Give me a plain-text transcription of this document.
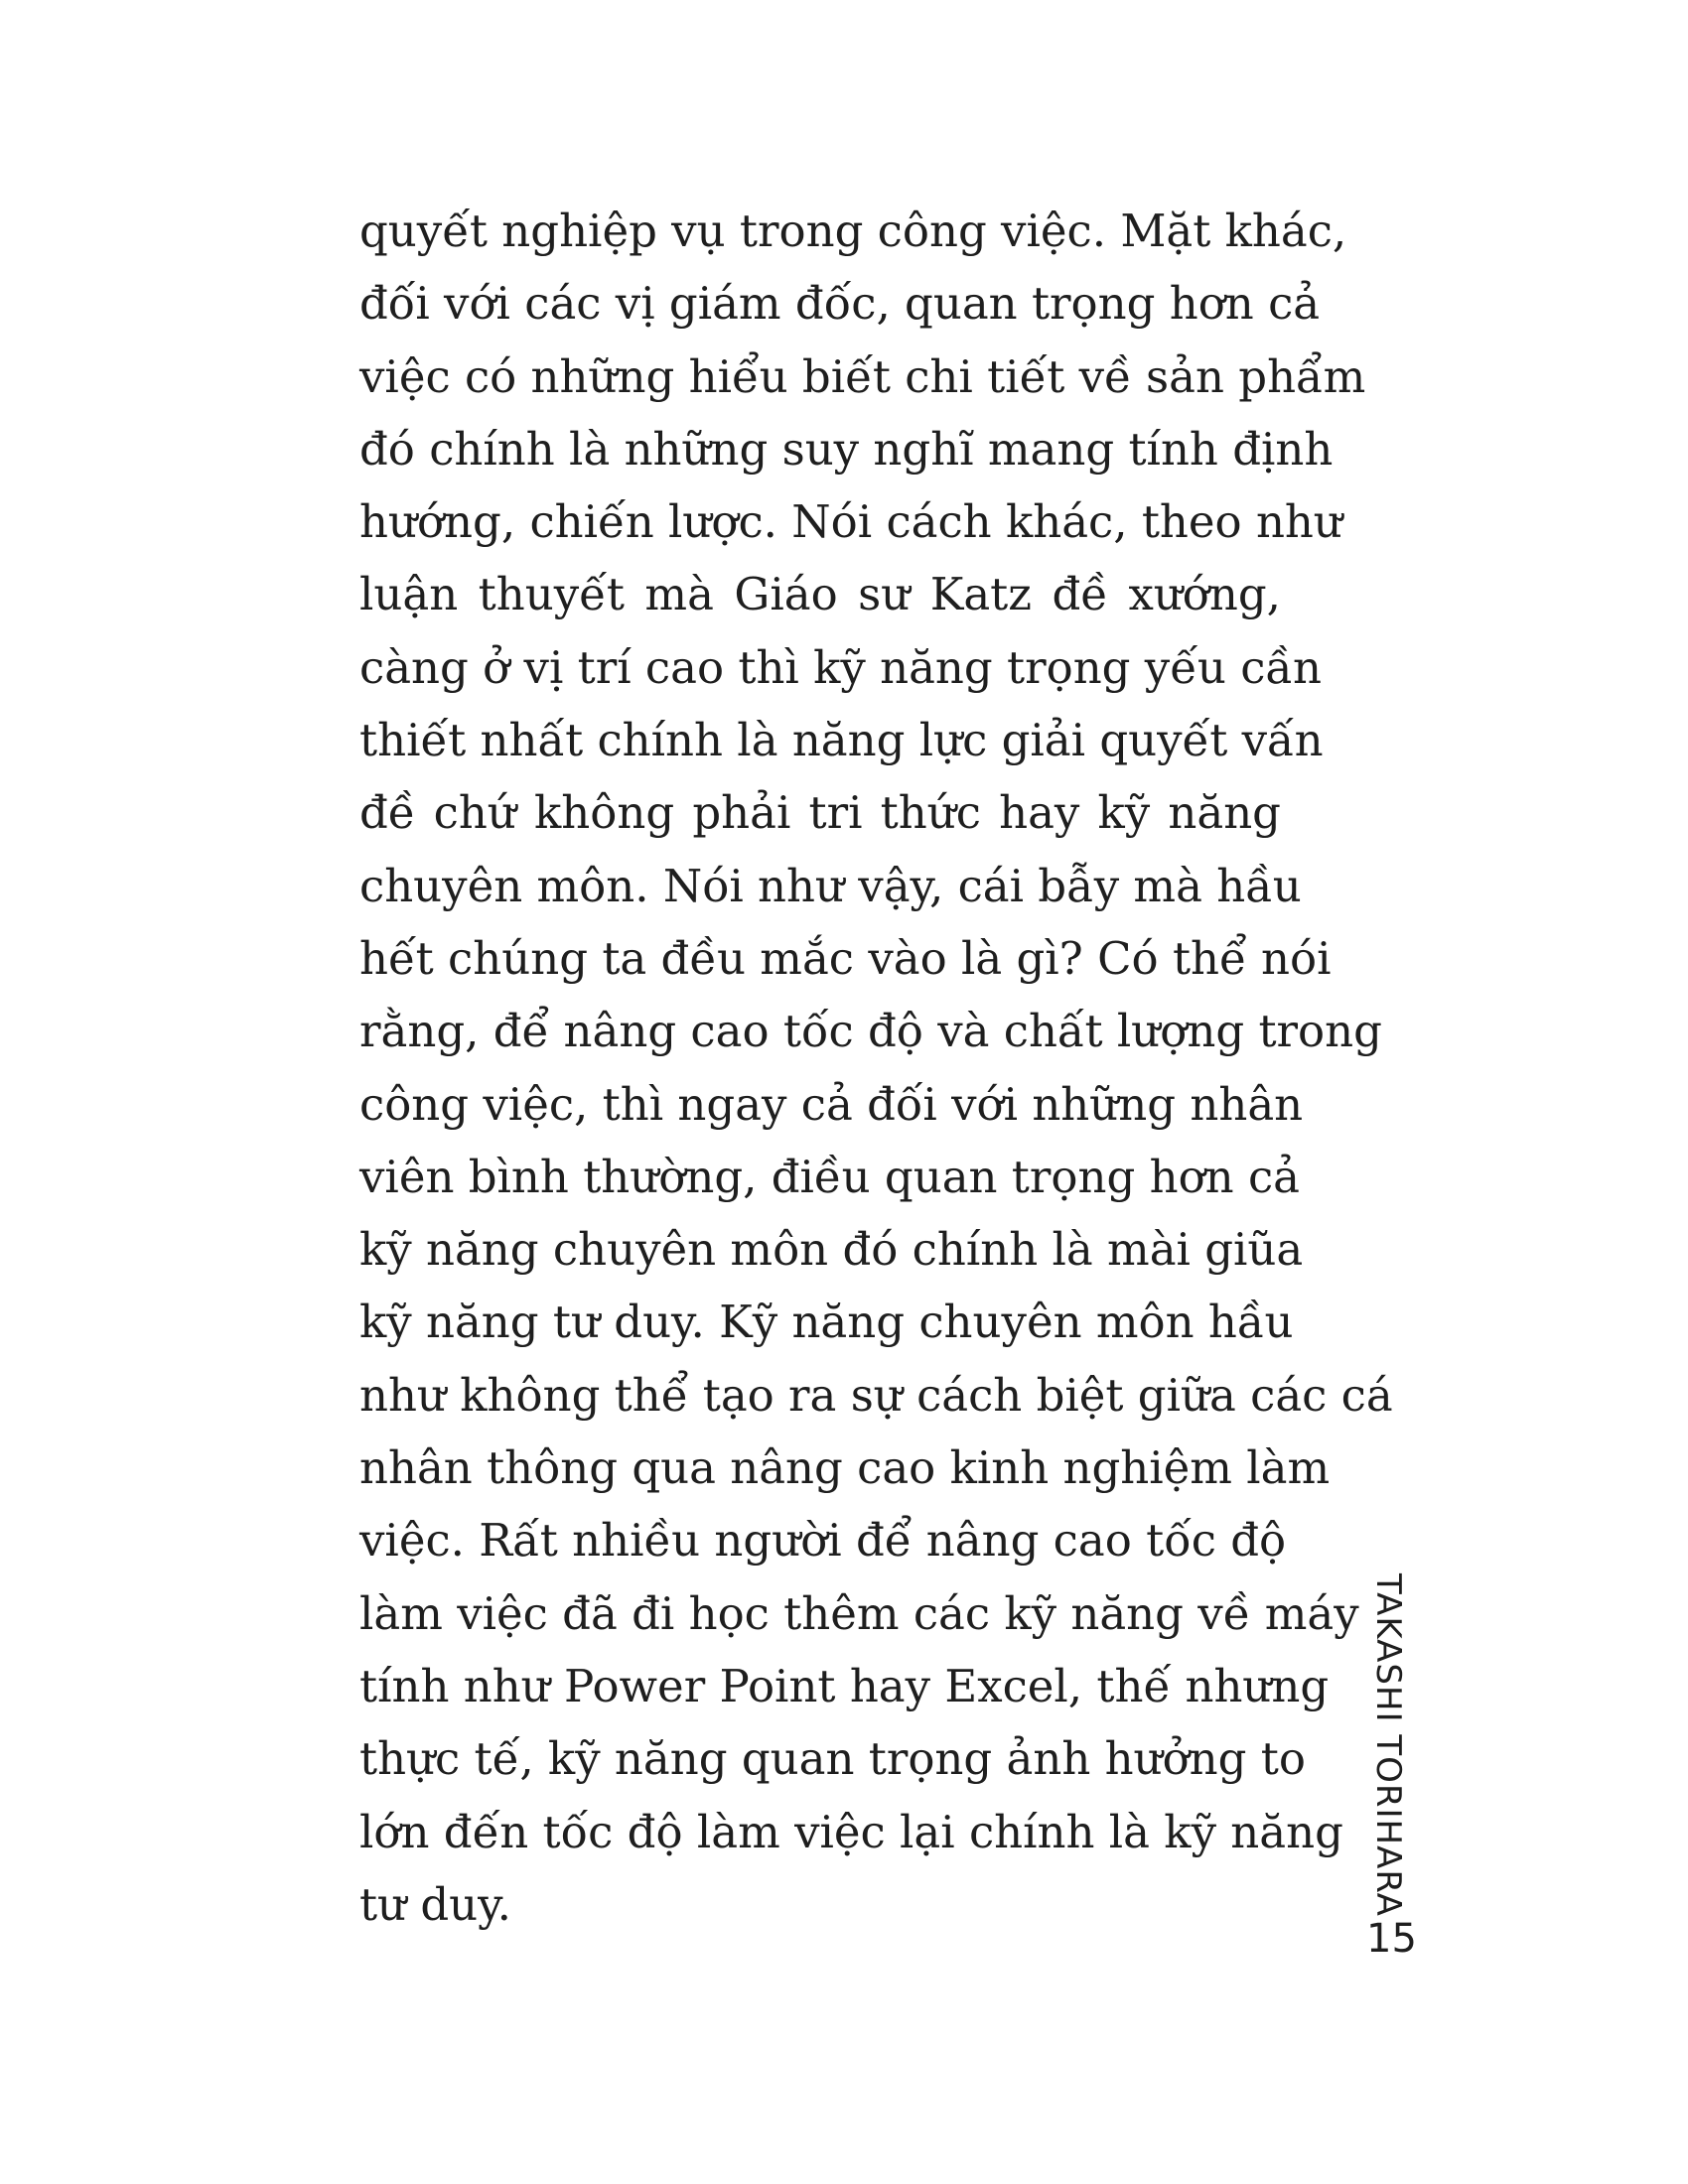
quyết nghiệp vụ trong công việc. Mặt khác,
đối với các vị giám đốc, quan trọng hơn cả
việc có những hiểu biết chi tiết về sản phẩm
đó chính là những suy nghĩ mang tính định
hướng, chiến lược. Nói cách khác, theo như
luận thuyết mà Giáo sư Katz đề xướng,
càng ở vị trí cao thì kỹ năng trọng yếu cần
thiết nhất chính là năng lực giải quyết vấn
đề chứ không phải tri thức hay kỹ năng
chuyên môn. Nói như vậy, cái bẫy mà hầu
hết chúng ta đều mắc vào là gì? Có thể nói
rằng, để nâng cao tốc độ và chất lượng trong
công việc, thì ngay cả đối với những nhân
viên bình thường, điều quan trọng hơn cả
kỹ năng chuyên môn đó chính là mài giũa
kỹ năng tư duy. Kỹ năng chuyên môn hầu
như không thể tạo ra sự cách biệt giữa các cá
nhân thông qua nâng cao kinh nghiệm làm
việc. Rất nhiều người để nâng cao tốc độ
làm việc đã đi học thêm các kỹ năng về máy
tính như Power Point hay Excel, thế nhưng
thực tế, kỹ năng quan trọng ảnh hưởng to
lớn đến tốc độ làm việc lại chính là kỹ năng
tư duy.	TAKASHI TORIHARA
15
